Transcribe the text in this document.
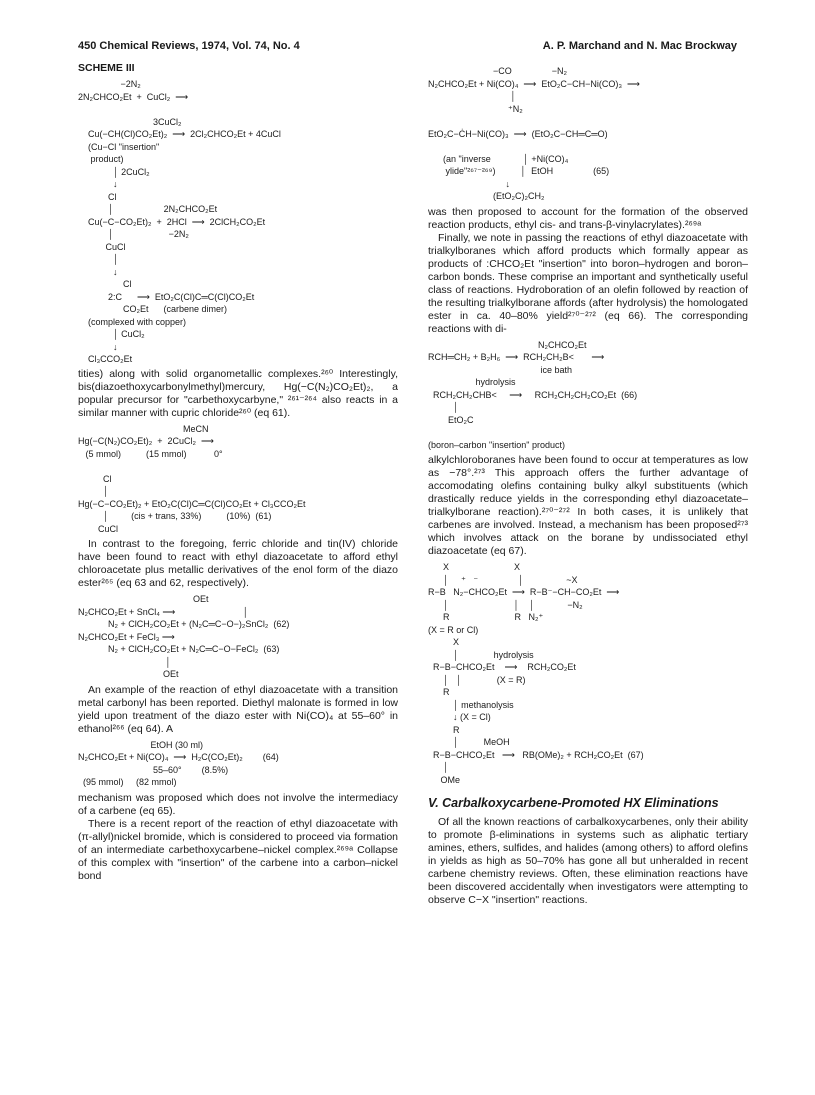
450 Chemical Reviews, 1974, Vol. 74, No. 4	A. P. Marchand and N. Mac Brockway
SCHEME III
−2N₂
2N₂CHCO₂Et  +  CuCl₂  ⟶

3CuCl₂
Cu(−CH(Cl)CO₂Et)₂  ⟶  2Cl₂CHCO₂Et + 4CuCl
(Cu−Cl "insertion"
product)
│ 2CuCl₂
↓
Cl
│                    2N₂CHCO₂Et
Cu(−C−CO₂Et)₂  +  2HCl  ⟶  2ClCH₂CO₂Et
│                      −2N₂
CuCl
│
↓
Cl
2:C      ⟶  EtO₂C(Cl)C═C(Cl)CO₂Et
CO₂Et      (carbene dimer)
(complexed with copper)
│ CuCl₂
↓
Cl₃CCO₂Et

tities) along with solid organometallic complexes.²⁶⁰ Interestingly, bis(diazoethoxycarbonylmethyl)mercury, Hg(−C(N₂)CO₂Et)₂, a popular precursor for "carbethoxycarbyne," ²⁶¹⁻²⁶⁴ also reacts in a similar manner with cupric chloride²⁶⁰ (eq 61).

MeCN
Hg(−C(N₂)CO₂Et)₂  +  2CuCl₂  ⟶
(5 mmol)          (15 mmol)           0°

Cl
│
Hg(−C−CO₂Et)₂ + EtO₂C(Cl)C═C(Cl)CO₂Et + Cl₃CCO₂Et
│         (cis + trans, 33%)          (10%)  (61)
CuCl

In contrast to the foregoing, ferric chloride and tin(IV) chloride have been found to react with ethyl diazoacetate to afford ethyl chloroacetate plus metallic derivatives of the enol form of the diazo ester²⁶⁵ (eq 63 and 62, respectively).

OEt
N₂CHCO₂Et + SnCl₄ ⟶                           │
N₂ + ClCH₂CO₂Et + (N₂C═C−O−)₂SnCl₂  (62)
N₂CHCO₂Et + FeCl₃ ⟶
N₂ + ClCH₂CO₂Et + N₂C═C−O−FeCl₂  (63)
│
OEt

An example of the reaction of ethyl diazoacetate with a transition metal carbonyl has been reported. Diethyl malonate is formed in low yield upon treatment of the diazo ester with Ni(CO)₄ at 55–60° in ethanol²⁶⁶ (eq 64). A

EtOH (30 ml)
N₂CHCO₂Et + Ni(CO)₄  ⟶  H₂C(CO₂Et)₂        (64)
55–60°        (8.5%)
(95 mmol)     (82 mmol)

mechanism was proposed which does not involve the intermediacy of a carbene (eq 65).

There is a recent report of the reaction of ethyl diazoacetate with (π-allyl)nickel bromide, which is considered to proceed via formation of an intermediate carbethoxycarbene–nickel complex.²⁶⁹ᵃ Collapse of this complex with "insertion" of the carbene into a carbon–nickel bond

−CO                −N₂
N₂CHCO₂Et + Ni(CO)₄  ⟶  EtO₂C−CH−Ni(CO)₃  ⟶
│
⁺N₂

EtO₂C−ĊH−Ni(CO)₃  ⟶  (EtO₂C−CH═C═O)

(an "inverse             │ +Ni(CO)₄
ylide"²⁶⁷⁻²⁶⁹)          │  EtOH                (65)
↓
(EtO₂C)₂CH₂

was then proposed to account for the formation of the observed reaction products, ethyl cis- and trans-β-vinylacrylates).²⁶⁹ᵃ

Finally, we note in passing the reactions of ethyl diazoacetate with trialkylboranes which afford products which formally appear as products of :CHCO₂Et "insertion" into boron–hydrogen and boron–carbon bonds. These comprise an important and synthetically useful class of reactions. Hydroboration of an olefin followed by reaction of the resulting trialkylborane affords (after hydrolysis) the homologated ester in ca. 40–80% yield²⁷⁰⁻²⁷² (eq 66). The corresponding reactions with di-

N₂CHCO₂Et
RCH═CH₂ + B₂H₆  ⟶  RCH₂CH₂B<       ⟶
ice bath
hydrolysis
RCH₂CH₂CHB<     ⟶     RCH₂CH₂CH₂CO₂Et  (66)
│
EtO₂C

(boron–carbon "insertion" product)

alkylchloroboranes have been found to occur at temperatures as low as −78°.²⁷³ This approach offers the further advantage of accomodating olefins containing bulky alkyl substituents (which drastically reduce yields in the corresponding ethyl diazoacetate–trialkylborane reaction).²⁷⁰⁻²⁷² In both cases, it is unlikely that carbenes are involved. Instead, a mechanism has been proposed²⁷³ which involves attack on the borane by undissociated ethyl diazoacetate (eq 67).

X                          X
│     ⁺   ⁻                │                 ~X
R−B   N₂−CHCO₂Et  ⟶  R−B⁻−CH−CO₂Et  ⟶
│                          │    │             −N₂
R                          R   N₂⁺
(X = R or Cl)
X
│              hydrolysis
R−B−CHCO₂Et    ⟶    RCH₂CO₂Et
│   │              (X = R)
R
│ methanolysis
↓ (X = Cl)
R
│          MeOH
R−B−CHCO₂Et   ⟶   RB(OMe)₂ + RCH₂CO₂Et  (67)
│
OMe
V. Carbalkoxycarbene-Promoted HX Eliminations

Of all the known reactions of carbalkoxycarbenes, only their ability to promote β-eliminations in systems such as aliphatic tertiary amines, ethers, sulfides, and halides (among others) to afford olefins in yields as high as 50–70% has gone all but unheralded in recent carbene chemistry reviews. Often, these elimination reactions have been discovered accidentally when investigators were attempting to observe C−X "insertion" reactions.
